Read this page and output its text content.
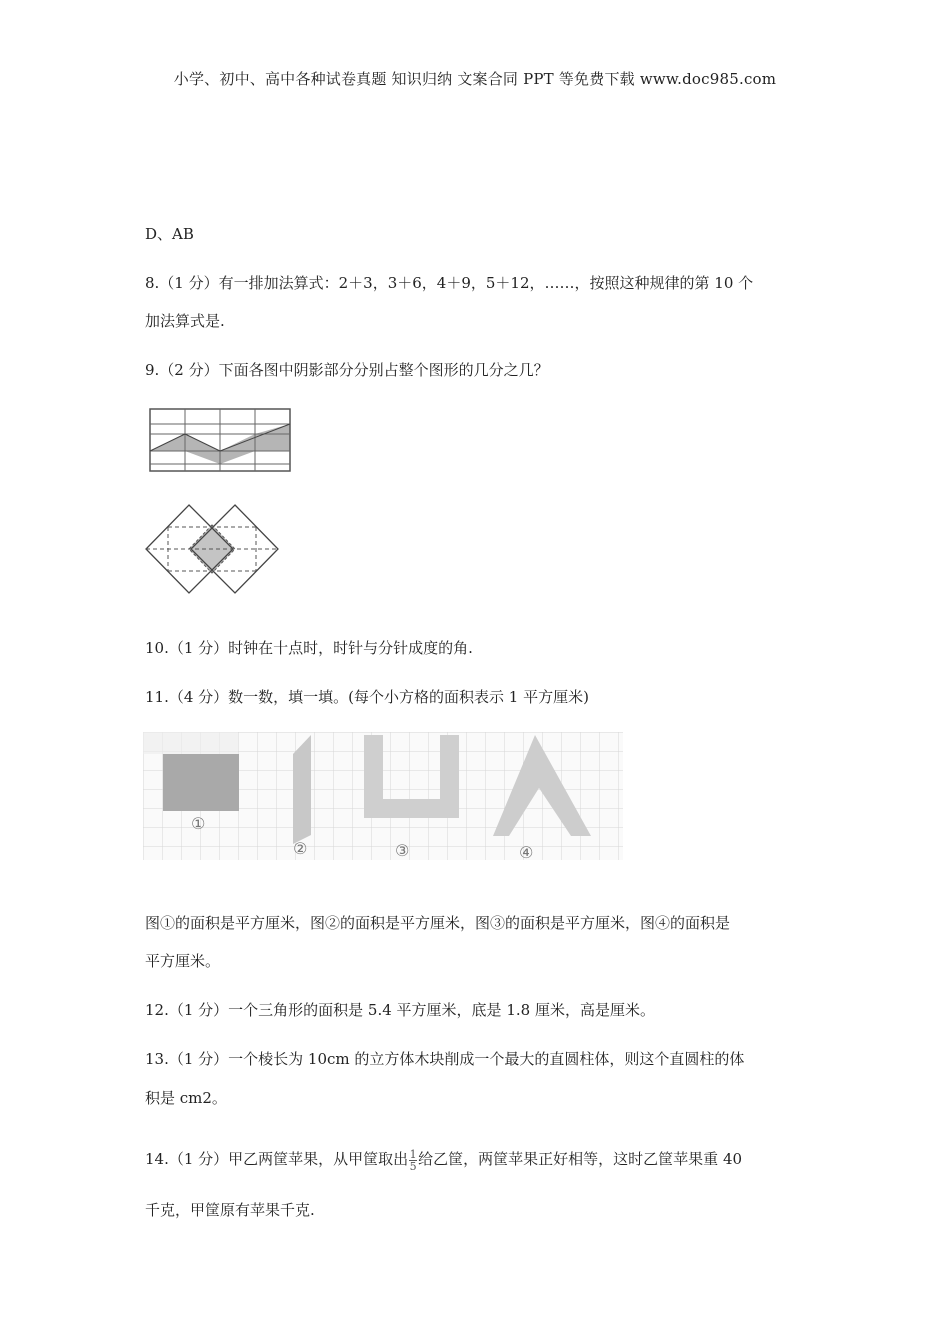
小学、初中、高中各种试卷真题 知识归纳 文案合同 PPT 等免费下载 www.doc985.com
D、AB
8.（1 分）有一排加法算式：2＋3，3＋6，4＋9，5＋12，……，按照这种规律的第 10 个
加法算式是.
9.（2 分）下面各图中阴影部分分别占整个图形的几分之几？
10.（1 分）时钟在十点时，时针与分针成度的角.
11.（4 分）数一数，填一填。(每个小方格的面积表示 1 平方厘米)
①
②	③	④
图①的面积是平方厘米，图②的面积是平方厘米，图③的面积是平方厘米，图④的面积是
平方厘米。
12.（1 分）一个三角形的面积是 5.4 平方厘米，底是 1.8 厘米，高是厘米。
13.（1 分）一个棱长为 10cm 的立方体木块削成一个最大的直圆柱体，则这个直圆柱的体
积是 cm2。
14.（1 分）甲乙两筐苹果，从甲筐取出 $\frac{1}{5}$ 给乙筐，两筐苹果正好相等，这时乙筐苹果重 40
千克，甲筐原有苹果千克.
